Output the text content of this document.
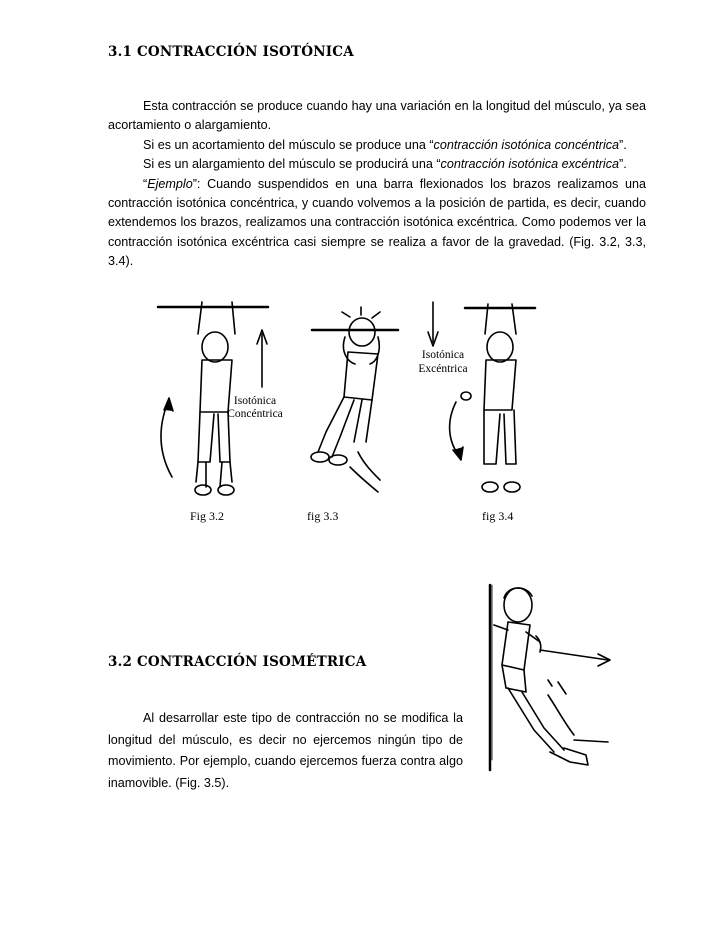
3.1 CONTRACCIÓN ISOTÓNICA

Esta contracción se produce cuando hay una variación en la longitud del músculo, ya sea acortamiento o alargamiento.

Si es un acortamiento del músculo se produce una “contracción isotónica concéntrica”.

Si es un alargamiento del músculo se producirá una “contracción isotónica excéntrica”.

“Ejemplo”: Cuando suspendidos en una barra flexionados los brazos realizamos una contracción isotónica concéntrica, y cuando volvemos a la posición de partida, es decir, cuando extendemos los brazos, realizamos una contracción isotónica excéntrica. Como podemos ver la contracción isotónica excéntrica casi siempre se realiza a favor de la gravedad. (Fig. 3.2, 3.3, 3.4).

Isotónica
Concéntrica
Isotónica
Excéntrica
Fig 3.2	fig 3.3	fig 3.4
3.2 CONTRACCIÓN ISOMÉTRICA

Al desarrollar este tipo de contracción no se modifica la longitud del músculo, es decir no ejercemos ningún tipo de movimiento. Por ejemplo, cuando ejercemos fuerza contra algo inamovible. (Fig. 3.5).
